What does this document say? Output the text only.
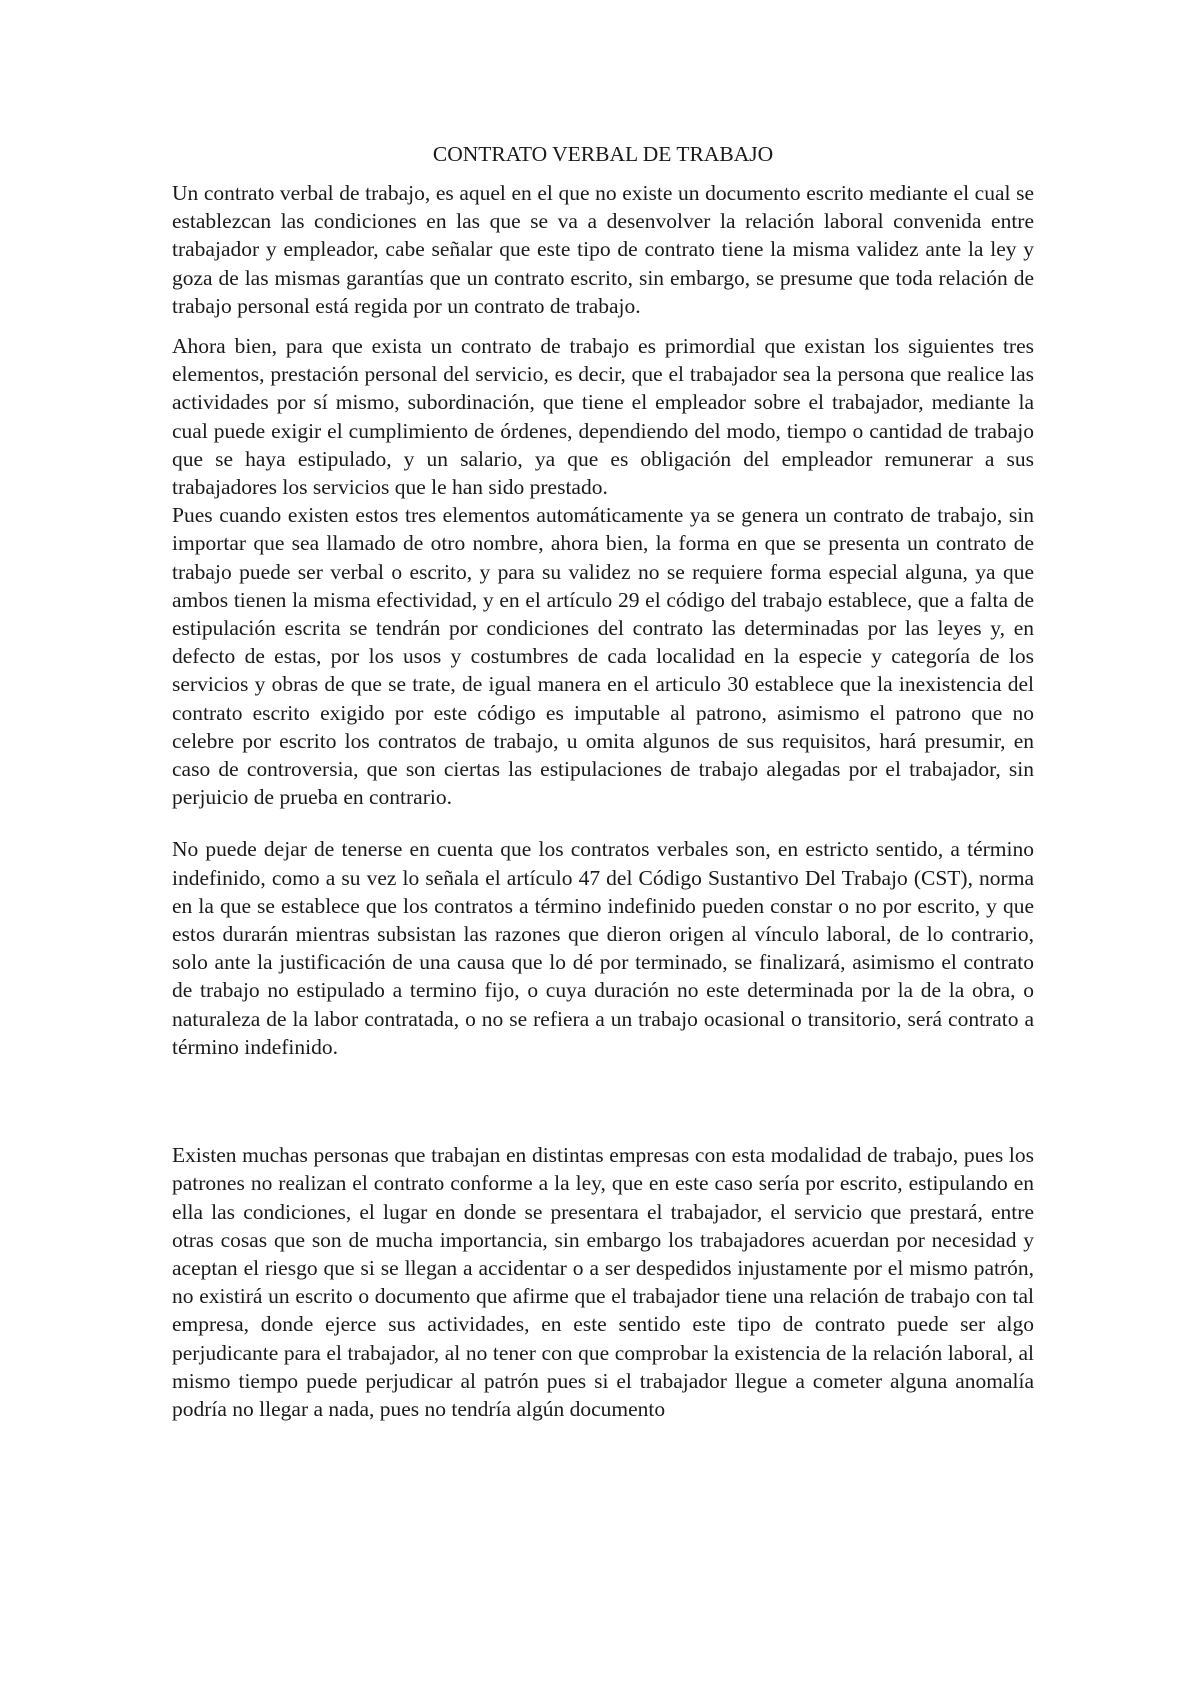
CONTRATO VERBAL DE TRABAJO

Un contrato verbal de trabajo, es aquel en el que no existe un documento escrito mediante el cual se establezcan las condiciones en las que se va a desenvolver la relación laboral convenida entre trabajador y empleador, cabe señalar que este tipo de contrato tiene la misma validez ante la ley y goza de las mismas garantías que un contrato escrito, sin embargo, se presume que toda relación de trabajo personal está regida por un contrato de trabajo.

Ahora bien, para que exista un contrato de trabajo es primordial que existan los siguientes tres elementos, prestación personal del servicio, es decir, que el trabajador sea la persona que realice las actividades por sí mismo, subordinación, que tiene el empleador sobre el trabajador, mediante la cual puede exigir el cumplimiento de órdenes, dependiendo del modo, tiempo o cantidad de trabajo que se haya estipulado, y un salario, ya que es obligación del empleador remunerar a sus trabajadores los servicios que le han sido prestado.

Pues cuando existen estos tres elementos automáticamente ya se genera un contrato de trabajo, sin importar que sea llamado de otro nombre, ahora bien, la forma en que se presenta un contrato de trabajo puede ser verbal o escrito, y para su validez no se requiere forma especial alguna, ya que ambos tienen la misma efectividad, y en el artículo 29 el código del trabajo establece, que a falta de estipulación escrita se tendrán por condiciones del contrato las determinadas por las leyes y, en defecto de estas, por los usos y costumbres de cada localidad en la especie y categoría de los servicios y obras de que se trate, de igual manera en el articulo 30 establece que la inexistencia del contrato escrito exigido por este código es imputable al patrono, asimismo el patrono que no celebre por escrito los contratos de trabajo, u omita algunos de sus requisitos, hará presumir, en caso de controversia, que son ciertas las estipulaciones de trabajo alegadas por el trabajador, sin perjuicio de prueba en contrario.

No puede dejar de tenerse en cuenta que los contratos verbales son, en estricto sentido, a término indefinido, como a su vez lo señala el artículo 47 del Código Sustantivo Del Trabajo (CST), norma en la que se establece que los contratos a término indefinido pueden constar o no por escrito, y que estos durarán mientras subsistan las razones que dieron origen al vínculo laboral, de lo contrario, solo ante la justificación de una causa que lo dé por terminado, se finalizará, asimismo el contrato de trabajo no estipulado a termino fijo, o cuya duración no este determinada por la de la obra, o naturaleza de la labor contratada, o no se refiera a un trabajo ocasional o transitorio, será contrato a término indefinido.

Existen muchas personas que trabajan en distintas empresas con esta modalidad de trabajo, pues los patrones no realizan el contrato conforme a la ley, que en este caso sería por escrito, estipulando en ella las condiciones, el lugar en donde se presentara el trabajador, el servicio que prestará, entre otras cosas que son de mucha importancia, sin embargo los trabajadores acuerdan por necesidad y aceptan el riesgo que si se llegan a accidentar o a ser despedidos injustamente por el mismo patrón, no existirá un escrito o documento que afirme que el trabajador tiene una relación de trabajo con tal empresa, donde ejerce sus actividades, en este sentido este tipo de contrato puede ser algo perjudicante para el trabajador, al no tener con que comprobar la existencia de la relación laboral, al mismo tiempo puede perjudicar al patrón pues si el trabajador llegue a cometer alguna anomalía podría no llegar a nada, pues no tendría algún documento
